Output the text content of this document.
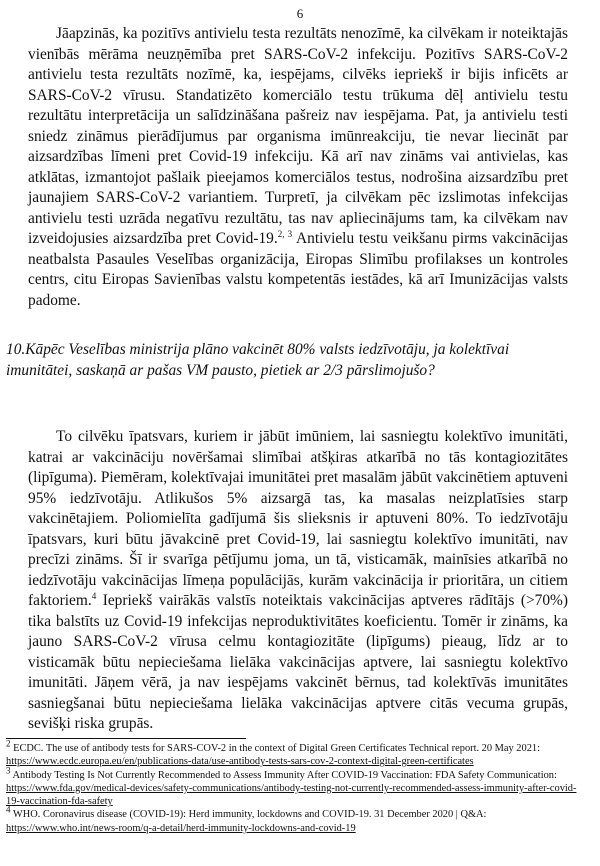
6

Jāapzinās, ka pozitīvs antivielu testa rezultāts nenozīmē, ka cilvēkam ir noteiktajās vienībās mērāma neuzņēmība pret SARS-CoV-2 infekciju. Pozitīvs SARS-CoV-2 antivielu testa rezultāts nozīmē, ka, iespējams, cilvēks iepriekš ir bijis inficēts ar SARS-CoV-2 vīrusu. Standatizēto komerciālo testu trūkuma dēļ antivielu testu rezultātu interpretācija un salīdzināšana pašreiz nav iespējama. Pat, ja antivielu testi sniedz zināmus pierādījumus par organisma imūnreakciju, tie nevar liecināt par aizsardzības līmeni pret Covid-19 infekciju. Kā arī nav zināms vai antivielas, kas atklātas, izmantojot pašlaik pieejamos komerciālos testus, nodrošina aizsardzību pret jaunajiem SARS-CoV-2 variantiem. Turpretī, ja cilvēkam pēc izslimotas infekcijas antivielu testi uzrāda negatīvu rezultātu, tas nav apliecinājums tam, ka cilvēkam nav izveidojusies aizsardzība pret Covid-19.$^{2, 3}$ Antivielu testu veikšanu pirms vakcinācijas neatbalsta Pasaules Veselības organizācija, Eiropas Slimību profilakses un kontroles centrs, citu Eiropas Savienības valstu kompetentās iestādes, kā arī Imunizācijas valsts padome.

10.Kāpēc Veselības ministrija plāno vakcinēt 80% valsts iedzīvotāju, ja kolektīvai imunitātei, saskaņā ar pašas VM pausto, pietiek ar 2/3 pārslimojušo?

To cilvēku īpatsvars, kuriem ir jābūt imūniem, lai sasniegtu kolektīvo imunitāti, katrai ar vakcināciju novēršamai slimībai atšķiras atkarībā no tās kontagiozitātes (lipīguma). Piemēram, kolektīvajai imunitātei pret masalām jābūt vakcinētiem aptuveni 95% iedzīvotāju. Atlikušos 5% aizsargā tas, ka masalas neizplatīsies starp vakcinētajiem. Poliomielīta gadījumā šis slieksnis ir aptuveni 80%. To iedzīvotāju īpatsvars, kuri būtu jāvakcinē pret Covid-19, lai sasniegtu kolektīvo imunitāti, nav precīzi zināms. Šī ir svarīga pētījumu joma, un tā, visticamāk, mainīsies atkarībā no iedzīvotāju vakcinācijas līmeņa populācijās, kurām vakcinācija ir prioritāra, un citiem faktoriem.$^4$ Iepriekš vairākās valstīs noteiktais vakcinācijas aptveres rādītājs (>70%) tika balstīts uz Covid-19 infekcijas neproduktivitātes koeficientu. Tomēr ir zināms, ka jauno SARS-CoV-2 vīrusa celmu kontagiozitāte (lipīgums) pieaug, līdz ar to visticamāk būtu nepieciešama lielāka vakcinācijas aptvere, lai sasniegtu kolektīvo imunitāti. Jāņem vērā, ja nav iespējams vakcinēt bērnus, tad kolektīvās imunitātes sasniegšanai būtu nepieciešama lielāka vakcinācijas aptvere citās vecuma grupās, sevišķi riska grupās.

$^2$ ECDC. The use of antibody tests for SARS-COV-2 in the context of Digital Green Certificates Technical report. 20 May 2021: https://www.ecdc.europa.eu/en/publications-data/use-antibody-tests-sars-cov-2-context-digital-green-certificates

$^3$ Antibody Testing Is Not Currently Recommended to Assess Immunity After COVID-19 Vaccination: FDA Safety Communication: https://www.fda.gov/medical-devices/safety-communications/antibody-testing-not-currently-recommended-assess-immunity-after-covid-19-vaccination-fda-safety

$^4$ WHO. Coronavirus disease (COVID-19): Herd immunity, lockdowns and COVID-19. 31 December 2020 | Q&A: https://www.who.int/news-room/q-a-detail/herd-immunity-lockdowns-and-covid-19
